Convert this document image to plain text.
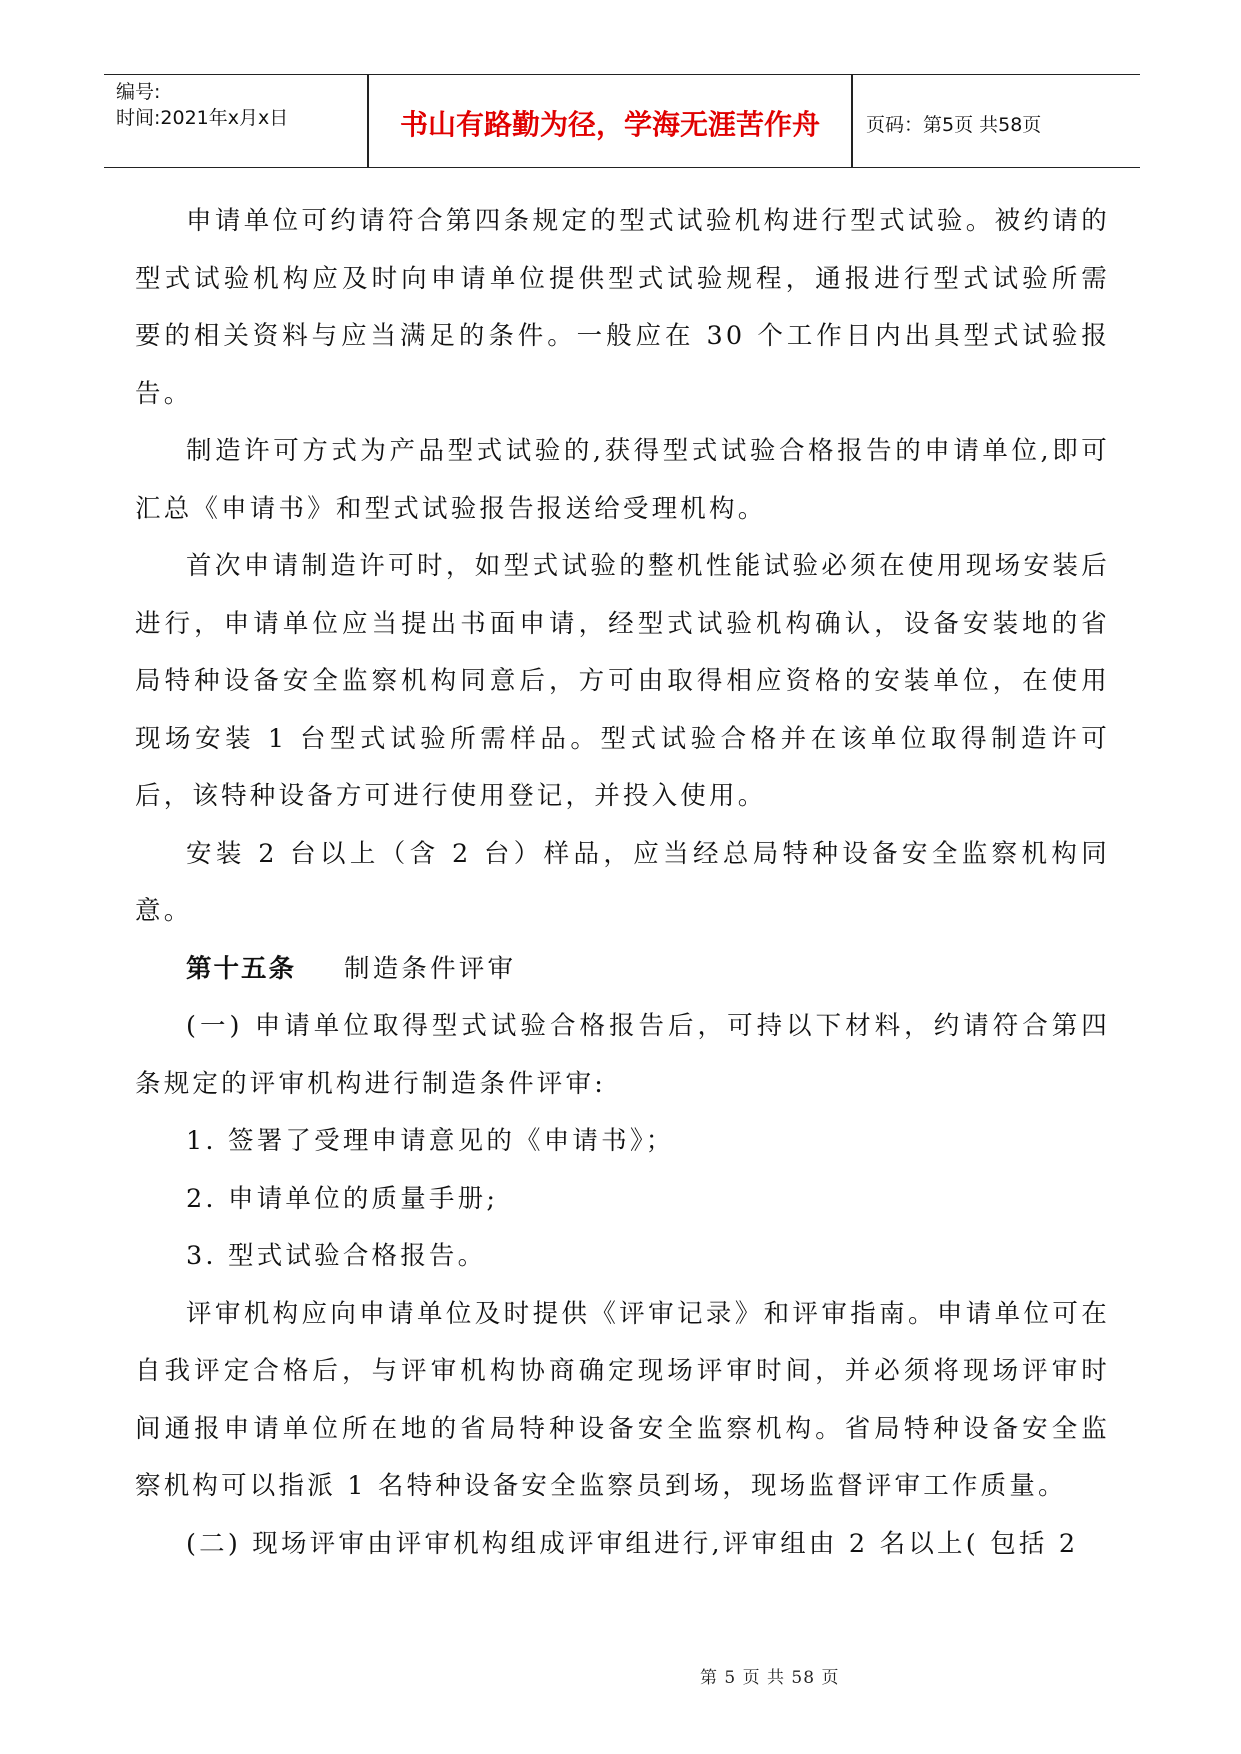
编号:
时间:2021年x月x日	书山有路勤为径，学海无涯苦作舟	页码：第5页 共58页

申请单位可约请符合第四条规定的型式试验机构进行型式试验。被约请的型式试验机构应及时向申请单位提供型式试验规程，通报进行型式试验所需要的相关资料与应当满足的条件。一般应在 30 个工作日内出具型式试验报告。

制造许可方式为产品型式试验的,获得型式试验合格报告的申请单位,即可汇总《申请书》和型式试验报告报送给受理机构。

首次申请制造许可时，如型式试验的整机性能试验必须在使用现场安装后进行，申请单位应当提出书面申请，经型式试验机构确认，设备安装地的省局特种设备安全监察机构同意后，方可由取得相应资格的安装单位，在使用现场安装 1 台型式试验所需样品。型式试验合格并在该单位取得制造许可后，该特种设备方可进行使用登记，并投入使用。

安装 2 台以上（含 2 台）样品，应当经总局特种设备安全监察机构同意。

第十五条 制造条件评审

(一) 申请单位取得型式试验合格报告后，可持以下材料，约请符合第四条规定的评审机构进行制造条件评审:

1. 签署了受理申请意见的《申请书》；

2. 申请单位的质量手册;

3. 型式试验合格报告。

评审机构应向申请单位及时提供《评审记录》和评审指南。申请单位可在自我评定合格后，与评审机构协商确定现场评审时间，并必须将现场评审时间通报申请单位所在地的省局特种设备安全监察机构。省局特种设备安全监察机构可以指派 1 名特种设备安全监察员到场，现场监督评审工作质量。

(二) 现场评审由评审机构组成评审组进行,评审组由 2 名以上( 包括 2

第 5 页 共 58 页
